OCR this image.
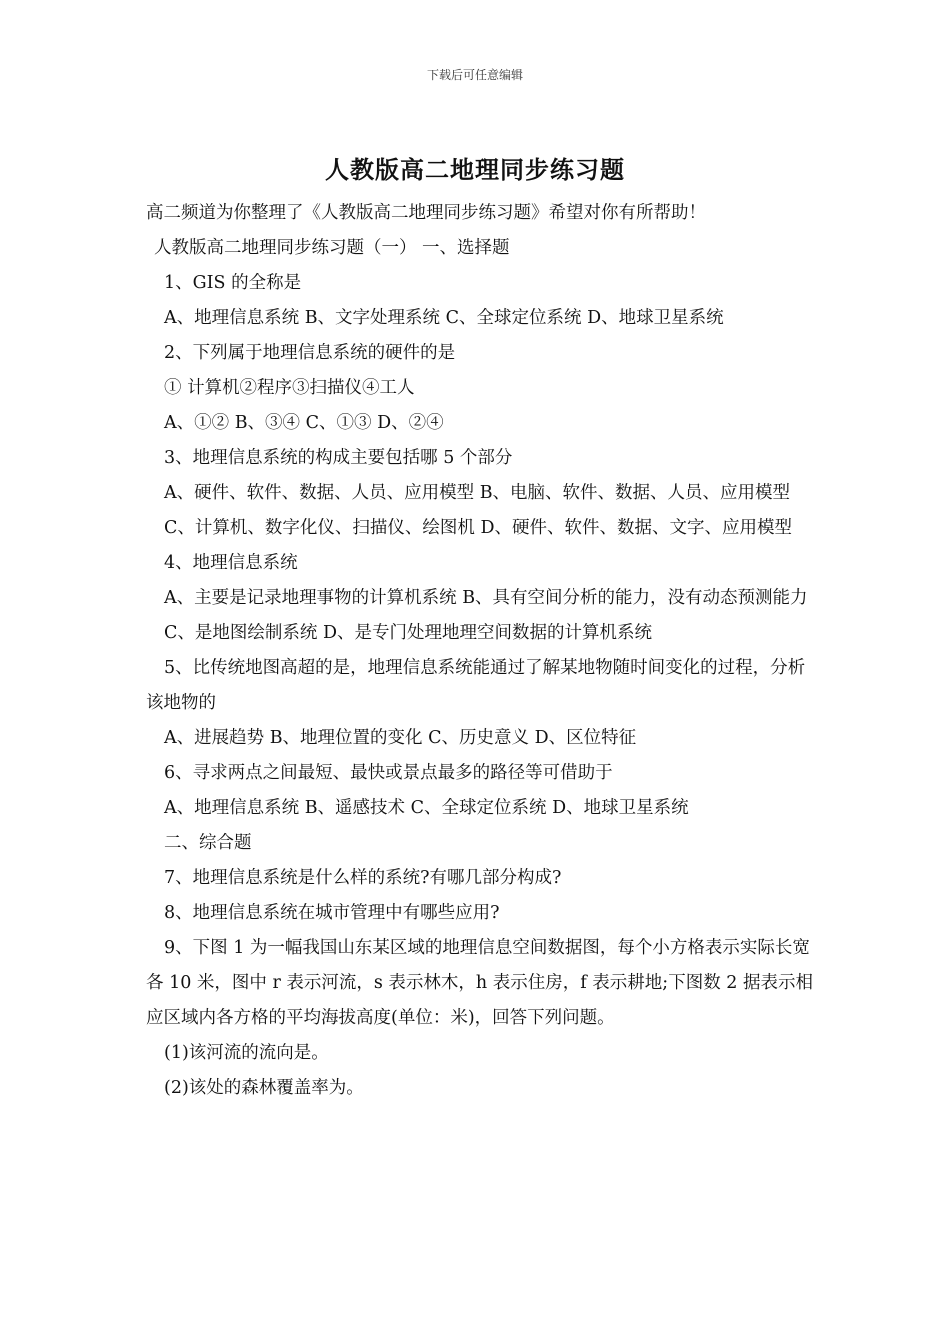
下载后可任意编辑
人教版高二地理同步练习题

高二频道为你整理了《人教版高二地理同步练习题》希望对你有所帮助！

人教版高二地理同步练习题（一） 一、选择题

1、GIS 的全称是

A、地理信息系统 B、文字处理系统 C、全球定位系统 D、地球卫星系统

2、下列属于地理信息系统的硬件的是

① 计算机②程序③扫描仪④工人

A、①② B、③④ C、①③ D、②④

3、地理信息系统的构成主要包括哪 5 个部分

A、硬件、软件、数据、人员、应用模型 B、电脑、软件、数据、人员、应用模型

C、计算机、数字化仪、扫描仪、绘图机 D、硬件、软件、数据、文字、应用模型

4、地理信息系统

A、主要是记录地理事物的计算机系统 B、具有空间分析的能力，没有动态预测能力

C、是地图绘制系统 D、是专门处理地理空间数据的计算机系统

5、比传统地图高超的是，地理信息系统能通过了解某地物随时间变化的过程，分析该地物的

A、进展趋势 B、地理位置的变化 C、历史意义 D、区位特征

6、寻求两点之间最短、最快或景点最多的路径等可借助于

A、地理信息系统 B、遥感技术 C、全球定位系统 D、地球卫星系统

二、综合题

7、地理信息系统是什么样的系统?有哪几部分构成?

8、地理信息系统在城市管理中有哪些应用?

9、下图 1 为一幅我国山东某区域的地理信息空间数据图，每个小方格表示实际长宽各 10 米，图中 r 表示河流，s 表示林木，h 表示住房，f 表示耕地;下图数 2 据表示相应区域内各方格的平均海拔高度(单位：米)，回答下列问题。

(1)该河流的流向是。

(2)该处的森林覆盖率为。
